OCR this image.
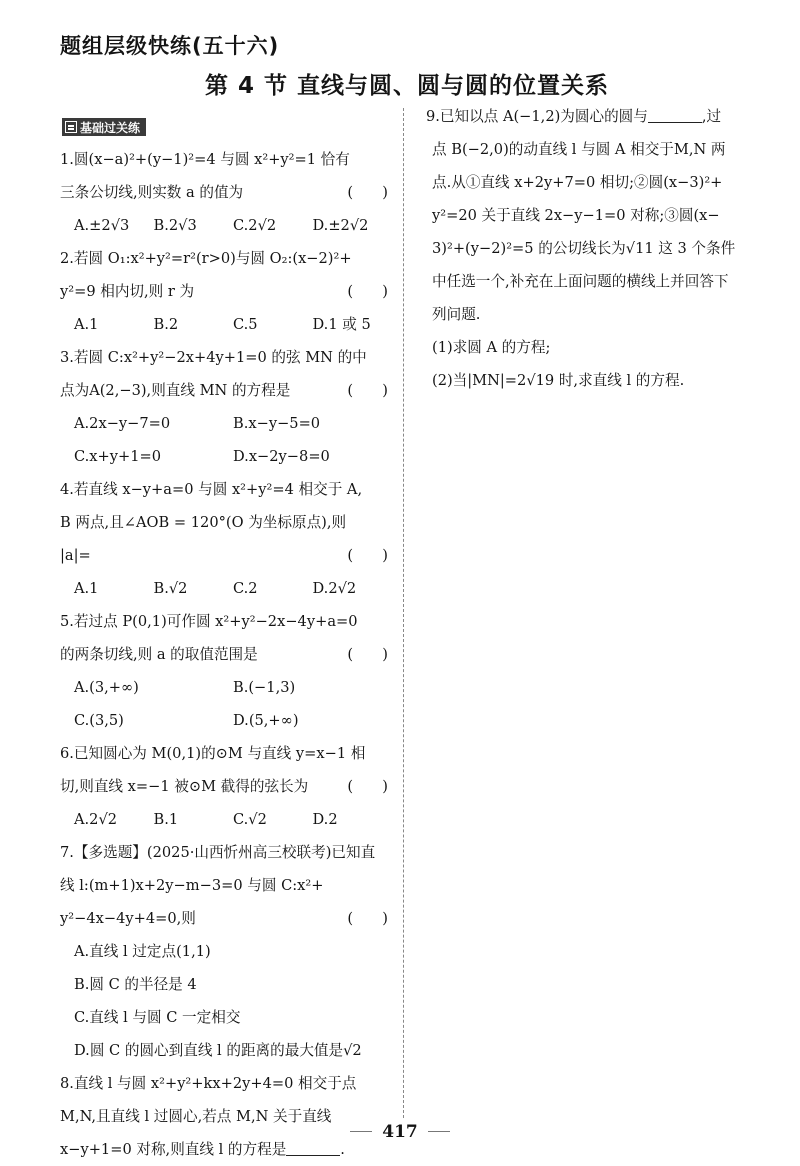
题组层级快练(五十六)
第 4 节 直线与圆、圆与圆的位置关系
基础过关练
1.圆(x−a)²+(y−1)²=4 与圆 x²+y²=1 恰有
三条公切线,则实数 a 的值为	(　　)
A.±2√3	B.2√3	C.2√2	D.±2√2
2.若圆 O₁:x²+y²=r²(r>0)与圆 O₂:(x−2)²+
y²=9 相内切,则 r 为	(　　)
A.1	B.2	C.5	D.1 或 5
3.若圆 C:x²+y²−2x+4y+1=0 的弦 MN 的中
点为A(2,−3),则直线 MN 的方程是	(　　)
A.2x−y−7=0	B.x−y−5=0
C.x+y+1=0	D.x−2y−8=0
4.若直线 x−y+a=0 与圆 x²+y²=4 相交于 A,
B 两点,且∠AOB = 120°(O 为坐标原点),则
|a|=	(　　)
A.1	B.√2	C.2	D.2√2
5.若过点 P(0,1)可作圆 x²+y²−2x−4y+a=0
的两条切线,则 a 的取值范围是	(　　)
A.(3,+∞)	B.(−1,3)
C.(3,5)	D.(5,+∞)
6.已知圆心为 M(0,1)的⊙M 与直线 y=x−1 相
切,则直线 x=−1 被⊙M 截得的弦长为	(　　)
A.2√2	B.1	C.√2	D.2
7.【多选题】(2025·山西忻州高三校联考)已知直
线 l:(m+1)x+2y−m−3=0 与圆 C:x²+
y²−4x−4y+4=0,则	(　　)
A.直线 l 过定点(1,1)
B.圆 C 的半径是 4
C.直线 l 与圆 C 一定相交
D.圆 C 的圆心到直线 l 的距离的最大值是√2
8.直线 l 与圆 x²+y²+kx+2y+4=0 相交于点
M,N,且直线 l 过圆心,若点 M,N 关于直线
x−y+1=0 对称,则直线 l 的方程是	.
9.已知以点 A(−1,2)为圆心的圆与	,过
点 B(−2,0)的动直线 l 与圆 A 相交于M,N 两
点.从①直线 x+2y+7=0 相切;②圆(x−3)²+
y²=20 关于直线 2x−y−1=0 对称;③圆(x−
3)²+(y−2)²=5 的公切线长为√11 这 3 个条件
中任选一个,补充在上面问题的横线上并回答下
列问题.
(1)求圆 A 的方程;
(2)当|MN|=2√19 时,求直线 l 的方程.
417
